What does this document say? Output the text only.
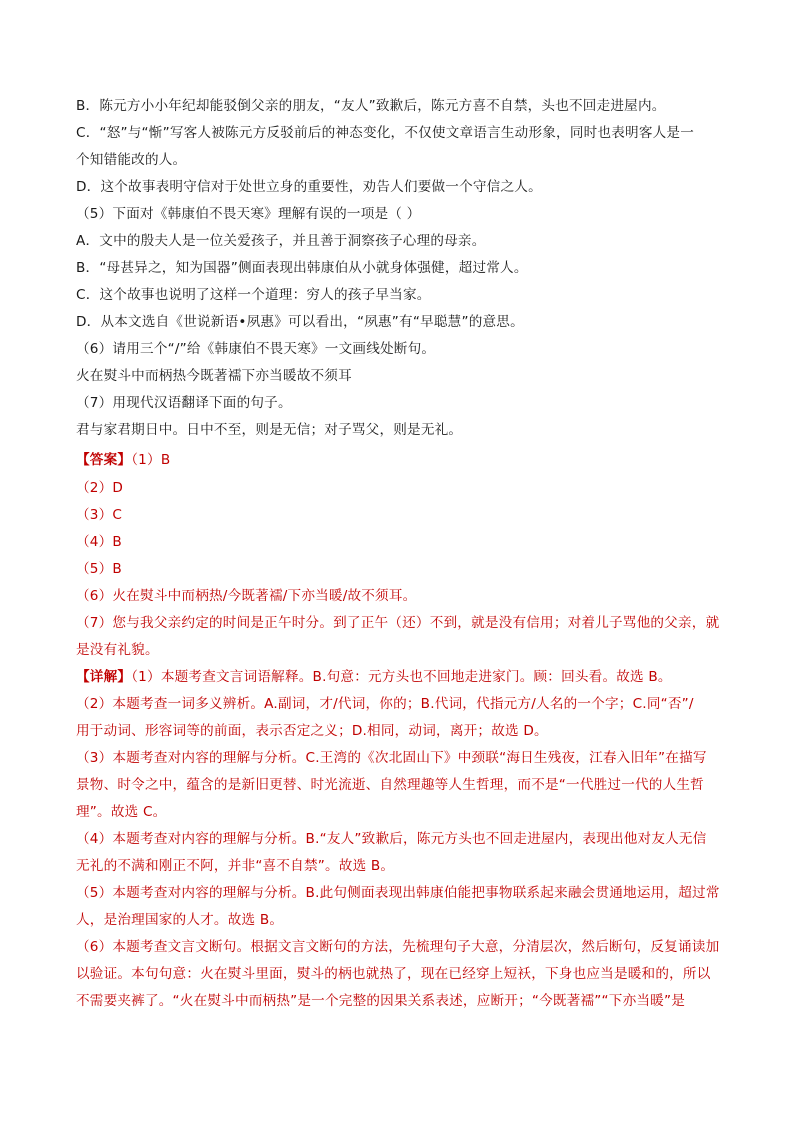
B．陈元方小小年纪却能驳倒父亲的朋友，“友人”致歉后，陈元方喜不自禁，头也不回走进屋内。
C．“怒”与“惭”写客人被陈元方反驳前后的神态变化，不仅使文章语言生动形象，同时也表明客人是一
个知错能改的人。
D．这个故事表明守信对于处世立身的重要性，劝告人们要做一个守信之人。
（5）下面对《韩康伯不畏天寒》理解有误的一项是（ ）
A．文中的殷夫人是一位关爱孩子，并且善于洞察孩子心理的母亲。
B．“母甚异之，知为国器”侧面表现出韩康伯从小就身体强健，超过常人。
C．这个故事也说明了这样一个道理：穷人的孩子早当家。
D．从本文选自《世说新语•夙惠》可以看出，“夙惠”有“早聪慧”的意思。
（6）请用三个“/”给《韩康伯不畏天寒》一文画线处断句。
火在熨斗中而柄热今既著襦下亦当暖故不须耳
（7）用现代汉语翻译下面的句子。
君与家君期日中。日中不至，则是无信；对子骂父，则是无礼。
【答案】（1）B
（2）D
（3）C
（4）B
（5）B
（6）火在熨斗中而柄热/今既著襦/下亦当暖/故不须耳。
（7）您与我父亲约定的时间是正午时分。到了正午（还）不到，就是没有信用；对着儿子骂他的父亲，就
是没有礼貌。
【详解】（1）本题考查文言词语解释。B.句意：元方头也不回地走进家门。顾：回头看。故选 B。
（2）本题考查一词多义辨析。A.副词，才/代词，你的；B.代词，代指元方/人名的一个字；C.同“否”/
用于动词、形容词等的前面，表示否定之义；D.相同，动词，离开；故选 D。
（3）本题考查对内容的理解与分析。C.王湾的《次北固山下》中颈联“海日生残夜，江春入旧年”在描写
景物、时令之中，蕴含的是新旧更替、时光流逝、自然理趣等人生哲理，而不是“一代胜过一代的人生哲
理”。故选 C。
（4）本题考查对内容的理解与分析。B.“友人”致歉后，陈元方头也不回走进屋内，表现出他对友人无信
无礼的不满和刚正不阿，并非“喜不自禁”。故选 B。
（5）本题考查对内容的理解与分析。B.此句侧面表现出韩康伯能把事物联系起来融会贯通地运用，超过常
人，是治理国家的人才。故选 B。
（6）本题考查文言文断句。根据文言文断句的方法，先梳理句子大意，分清层次，然后断句，反复诵读加
以验证。本句句意：火在熨斗里面，熨斗的柄也就热了，现在已经穿上短袄，下身也应当是暖和的，所以
不需要夹裤了。“火在熨斗中而柄热”是一个完整的因果关系表述，应断开；“今既著襦”“下亦当暖”是
